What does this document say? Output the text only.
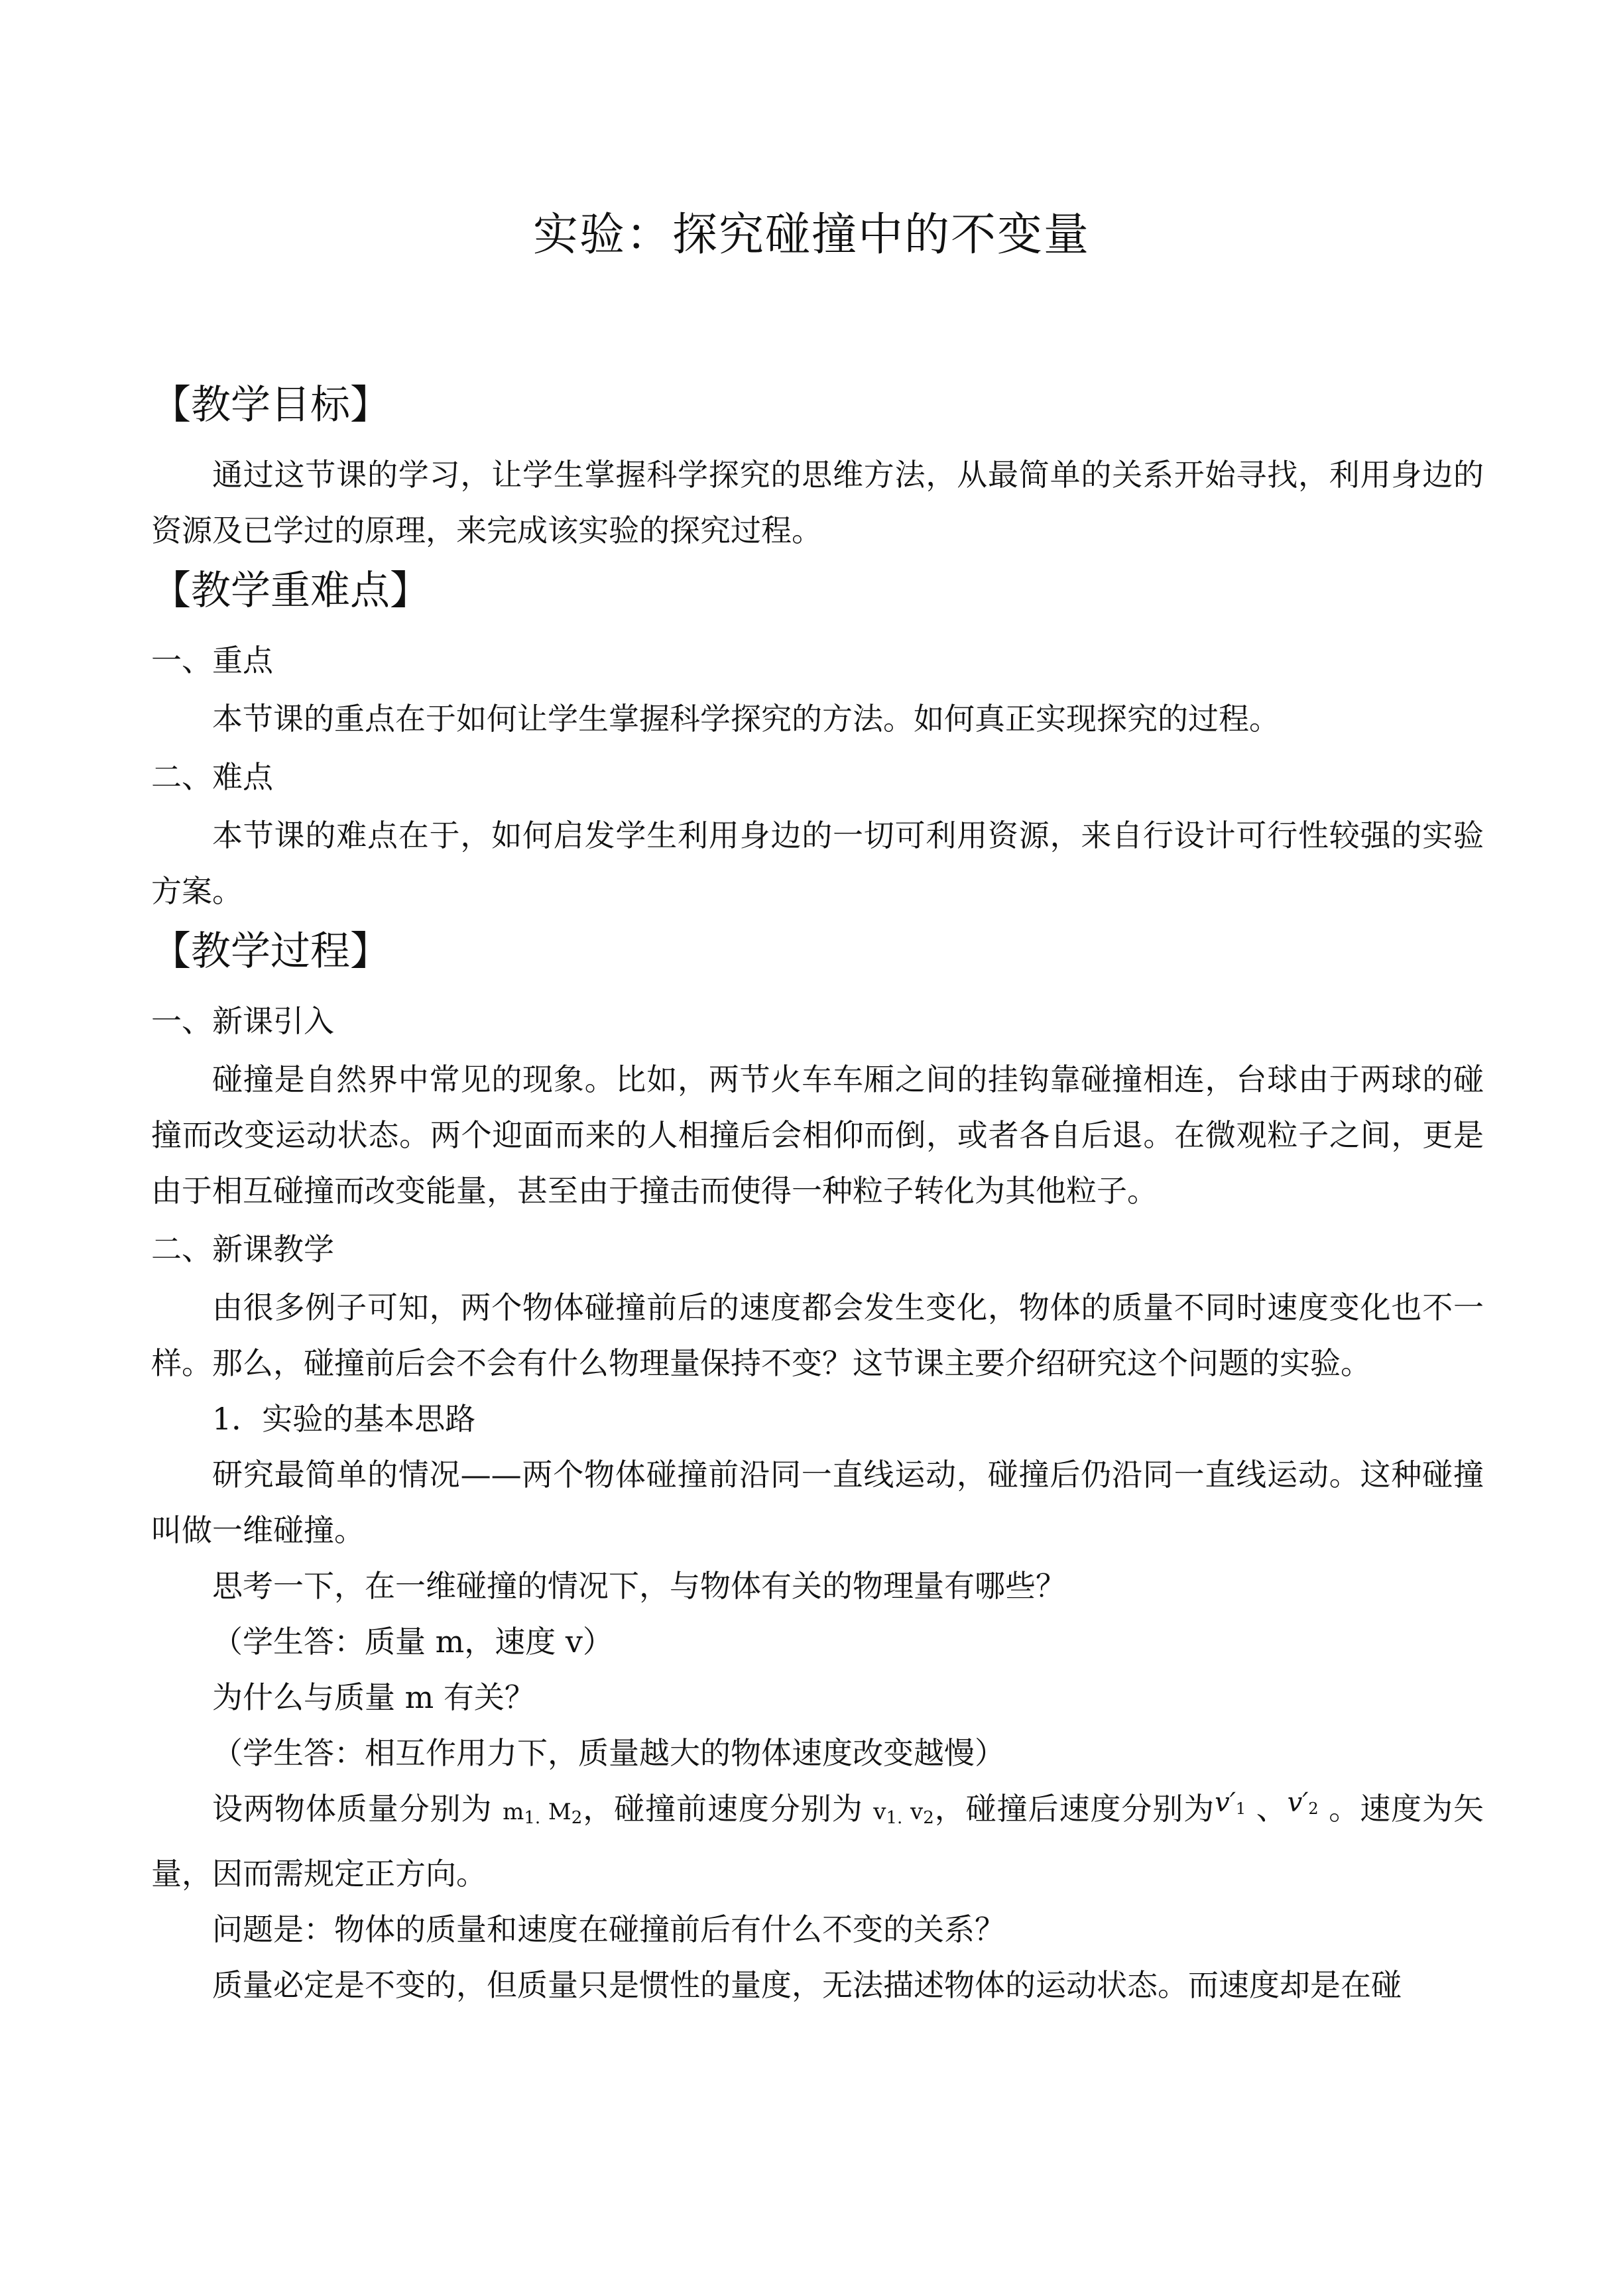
实验：探究碰撞中的不变量
【教学目标】

通过这节课的学习，让学生掌握科学探究的思维方法，从最简单的关系开始寻找，利用身边的资源及已学过的原理，来完成该实验的探究过程。

【教学重难点】

一、重点

本节课的重点在于如何让学生掌握科学探究的方法。如何真正实现探究的过程。

二、难点

本节课的难点在于，如何启发学生利用身边的一切可利用资源，来自行设计可行性较强的实验方案。

【教学过程】

一、新课引入

碰撞是自然界中常见的现象。比如，两节火车车厢之间的挂钩靠碰撞相连，台球由于两球的碰撞而改变运动状态。两个迎面而来的人相撞后会相仰而倒，或者各自后退。在微观粒子之间，更是由于相互碰撞而改变能量，甚至由于撞击而使得一种粒子转化为其他粒子。

二、新课教学

由很多例子可知，两个物体碰撞前后的速度都会发生变化，物体的质量不同时速度变化也不一样。那么，碰撞前后会不会有什么物理量保持不变？这节课主要介绍研究这个问题的实验。

1．实验的基本思路

研究最简单的情况——两个物体碰撞前沿同一直线运动，碰撞后仍沿同一直线运动。这种碰撞叫做一维碰撞。

思考一下，在一维碰撞的情况下，与物体有关的物理量有哪些？

（学生答：质量 m，速度 v）

为什么与质量 m 有关？

（学生答：相互作用力下，质量越大的物体速度改变越慢）

设两物体质量分别为 $m_{1.}$ $M_2$，碰撞前速度分别为 $v_{1.}$ $v_2$，碰撞后速度分别为$v'_1$ 、$v'_2$ 。速度为矢量，因而需规定正方向。

问题是：物体的质量和速度在碰撞前后有什么不变的关系？

质量必定是不变的，但质量只是惯性的量度，无法描述物体的运动状态。而速度却是在碰
